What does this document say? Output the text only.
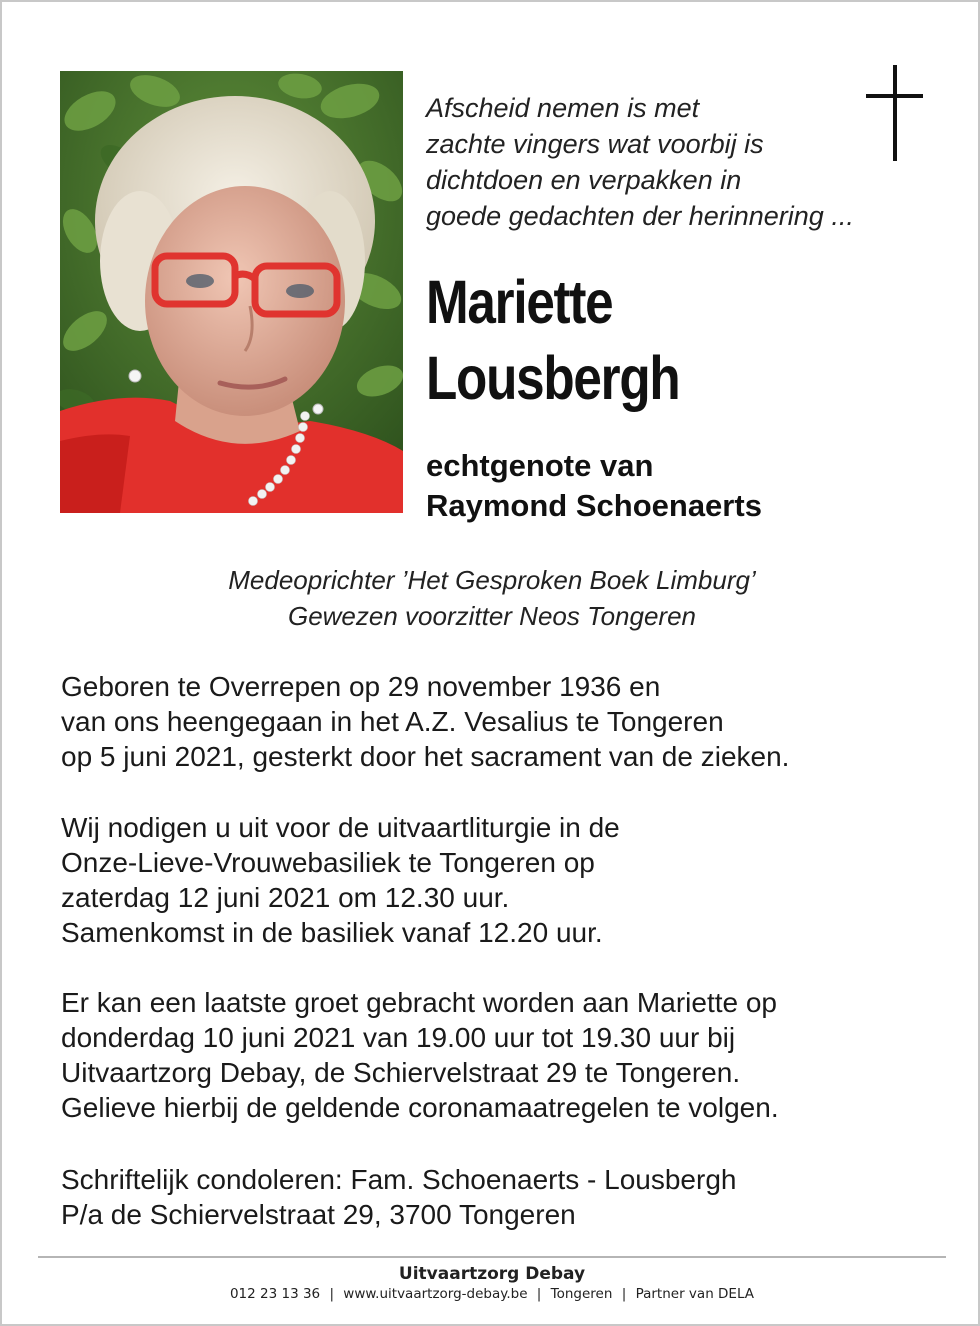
Afscheid nemen is met
zachte vingers wat voorbij is
dichtdoen en verpakken in
goede gedachten der herinnering ...
Mariette
Lousbergh
echtgenote van
Raymond Schoenaerts
Medeoprichter ’Het Gesproken Boek Limburg’
Gewezen voorzitter Neos Tongeren
Geboren te Overrepen op 29 november 1936 en
van ons heengegaan in het A.Z. Vesalius te Tongeren
op 5 juni 2021, gesterkt door het sacrament van de zieken.
Wij nodigen u uit voor de uitvaartliturgie in de
Onze-Lieve-Vrouwebasiliek te Tongeren op
zaterdag 12 juni 2021 om 12.30 uur.
Samenkomst in de basiliek vanaf 12.20 uur.
Er kan een laatste groet gebracht worden aan Mariette op
donderdag 10 juni 2021 van 19.00 uur tot 19.30 uur bij
Uitvaartzorg Debay, de Schiervelstraat 29 te Tongeren.
Gelieve hierbij de geldende coronamaatregelen te volgen.
Schriftelijk condoleren: Fam. Schoenaerts - Lousbergh
P/a de Schiervelstraat 29, 3700 Tongeren
Uitvaartzorg Debay
012 23 13 36 | www.uitvaartzorg-debay.be | Tongeren | Partner van DELA
